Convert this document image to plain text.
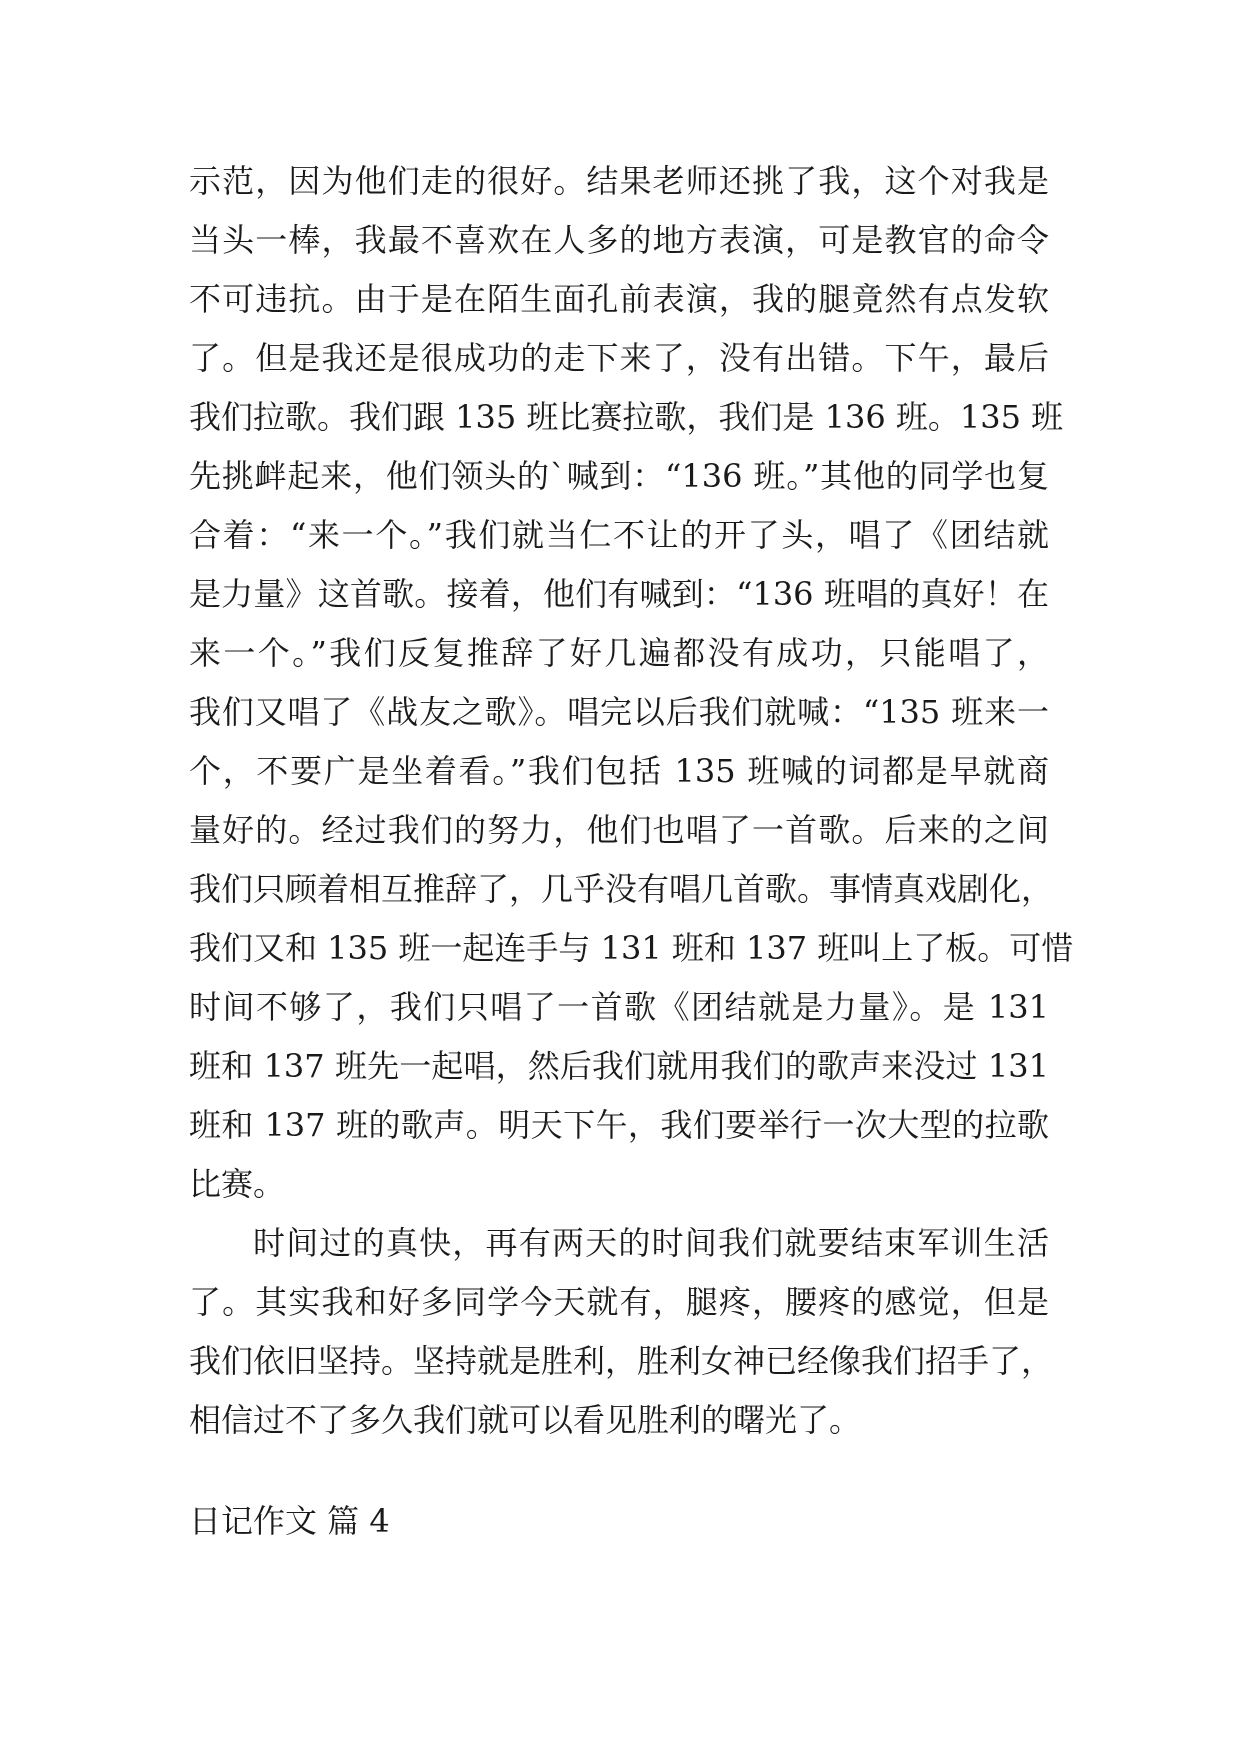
示范，因为他们走的很好。结果老师还挑了我，这个对我是
当头一棒，我最不喜欢在人多的地方表演，可是教官的命令
不可违抗。由于是在陌生面孔前表演，我的腿竟然有点发软
了。但是我还是很成功的走下来了，没有出错。下午，最后
我们拉歌。我们跟 135 班比赛拉歌，我们是 136 班。135 班
先挑衅起来，他们领头的`喊到：“136 班。”其他的同学也复
合着：“来一个。”我们就当仁不让的开了头，唱了《团结就
是力量》这首歌。接着，他们有喊到：“136 班唱的真好！在
来一个。”我们反复推辞了好几遍都没有成功，只能唱了，
我们又唱了《战友之歌》。唱完以后我们就喊：“135 班来一
个，不要广是坐着看。”我们包括 135 班喊的词都是早就商
量好的。经过我们的努力，他们也唱了一首歌。后来的之间
我们只顾着相互推辞了，几乎没有唱几首歌。事情真戏剧化，
我们又和 135 班一起连手与 131 班和 137 班叫上了板。可惜
时间不够了，我们只唱了一首歌《团结就是力量》。是 131
班和 137 班先一起唱，然后我们就用我们的歌声来没过 131
班和 137 班的歌声。明天下午，我们要举行一次大型的拉歌
比赛。
时间过的真快，再有两天的时间我们就要结束军训生活
了。其实我和好多同学今天就有，腿疼，腰疼的感觉，但是
我们依旧坚持。坚持就是胜利，胜利女神已经像我们招手了，
相信过不了多久我们就可以看见胜利的曙光了。
日记作文 篇 4
